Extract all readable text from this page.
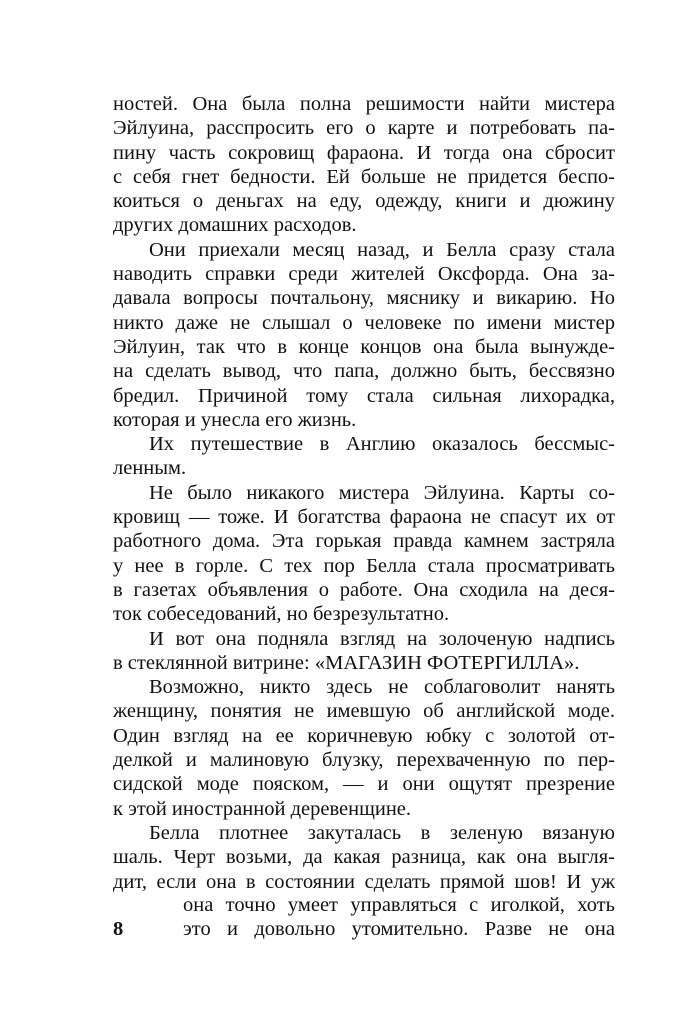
ностей. Она была полна решимости найти мистера
Эйлуина, расспросить его о карте и потребовать па-
пину часть сокровищ фараона. И тогда она сбросит
с себя гнет бедности. Ей больше не придется беспо-
коиться о деньгах на еду, одежду, книги и дюжину
других домашних расходов.
Они приехали месяц назад, и Белла сразу стала
наводить справки среди жителей Оксфорда. Она за-
давала вопросы почтальону, мяснику и викарию. Но
никто даже не слышал о человеке по имени мистер
Эйлуин, так что в конце концов она была вынужде-
на сделать вывод, что папа, должно быть, бессвязно
бредил. Причиной тому стала сильная лихорадка,
которая и унесла его жизнь.
Их путешествие в Англию оказалось бессмыс-
ленным.
Не было никакого мистера Эйлуина. Карты со-
кровищ — тоже. И богатства фараона не спасут их от
работного дома. Эта горькая правда камнем застряла
у нее в горле. С тех пор Белла стала просматривать
в газетах объявления о работе. Она сходила на деся-
ток собеседований, но безрезультатно.
И вот она подняла взгляд на золоченую надпись
в стеклянной витрине: «МАГАЗИН ФОТЕРГИЛЛА».
Возможно, никто здесь не соблаговолит нанять
женщину, понятия не имевшую об английской моде.
Один взгляд на ее коричневую юбку с золотой от-
делкой и малиновую блузку, перехваченную по пер-
сидской моде пояском, — и они ощутят презрение
к этой иностранной деревенщине.
Белла плотнее закуталась в зеленую вязаную
шаль. Черт возьми, да какая разница, как она выгля-
дит, если она в состоянии сделать прямой шов! И уж
8
она точно умеет управляться с иголкой, хоть
это и довольно утомительно. Разве не она
